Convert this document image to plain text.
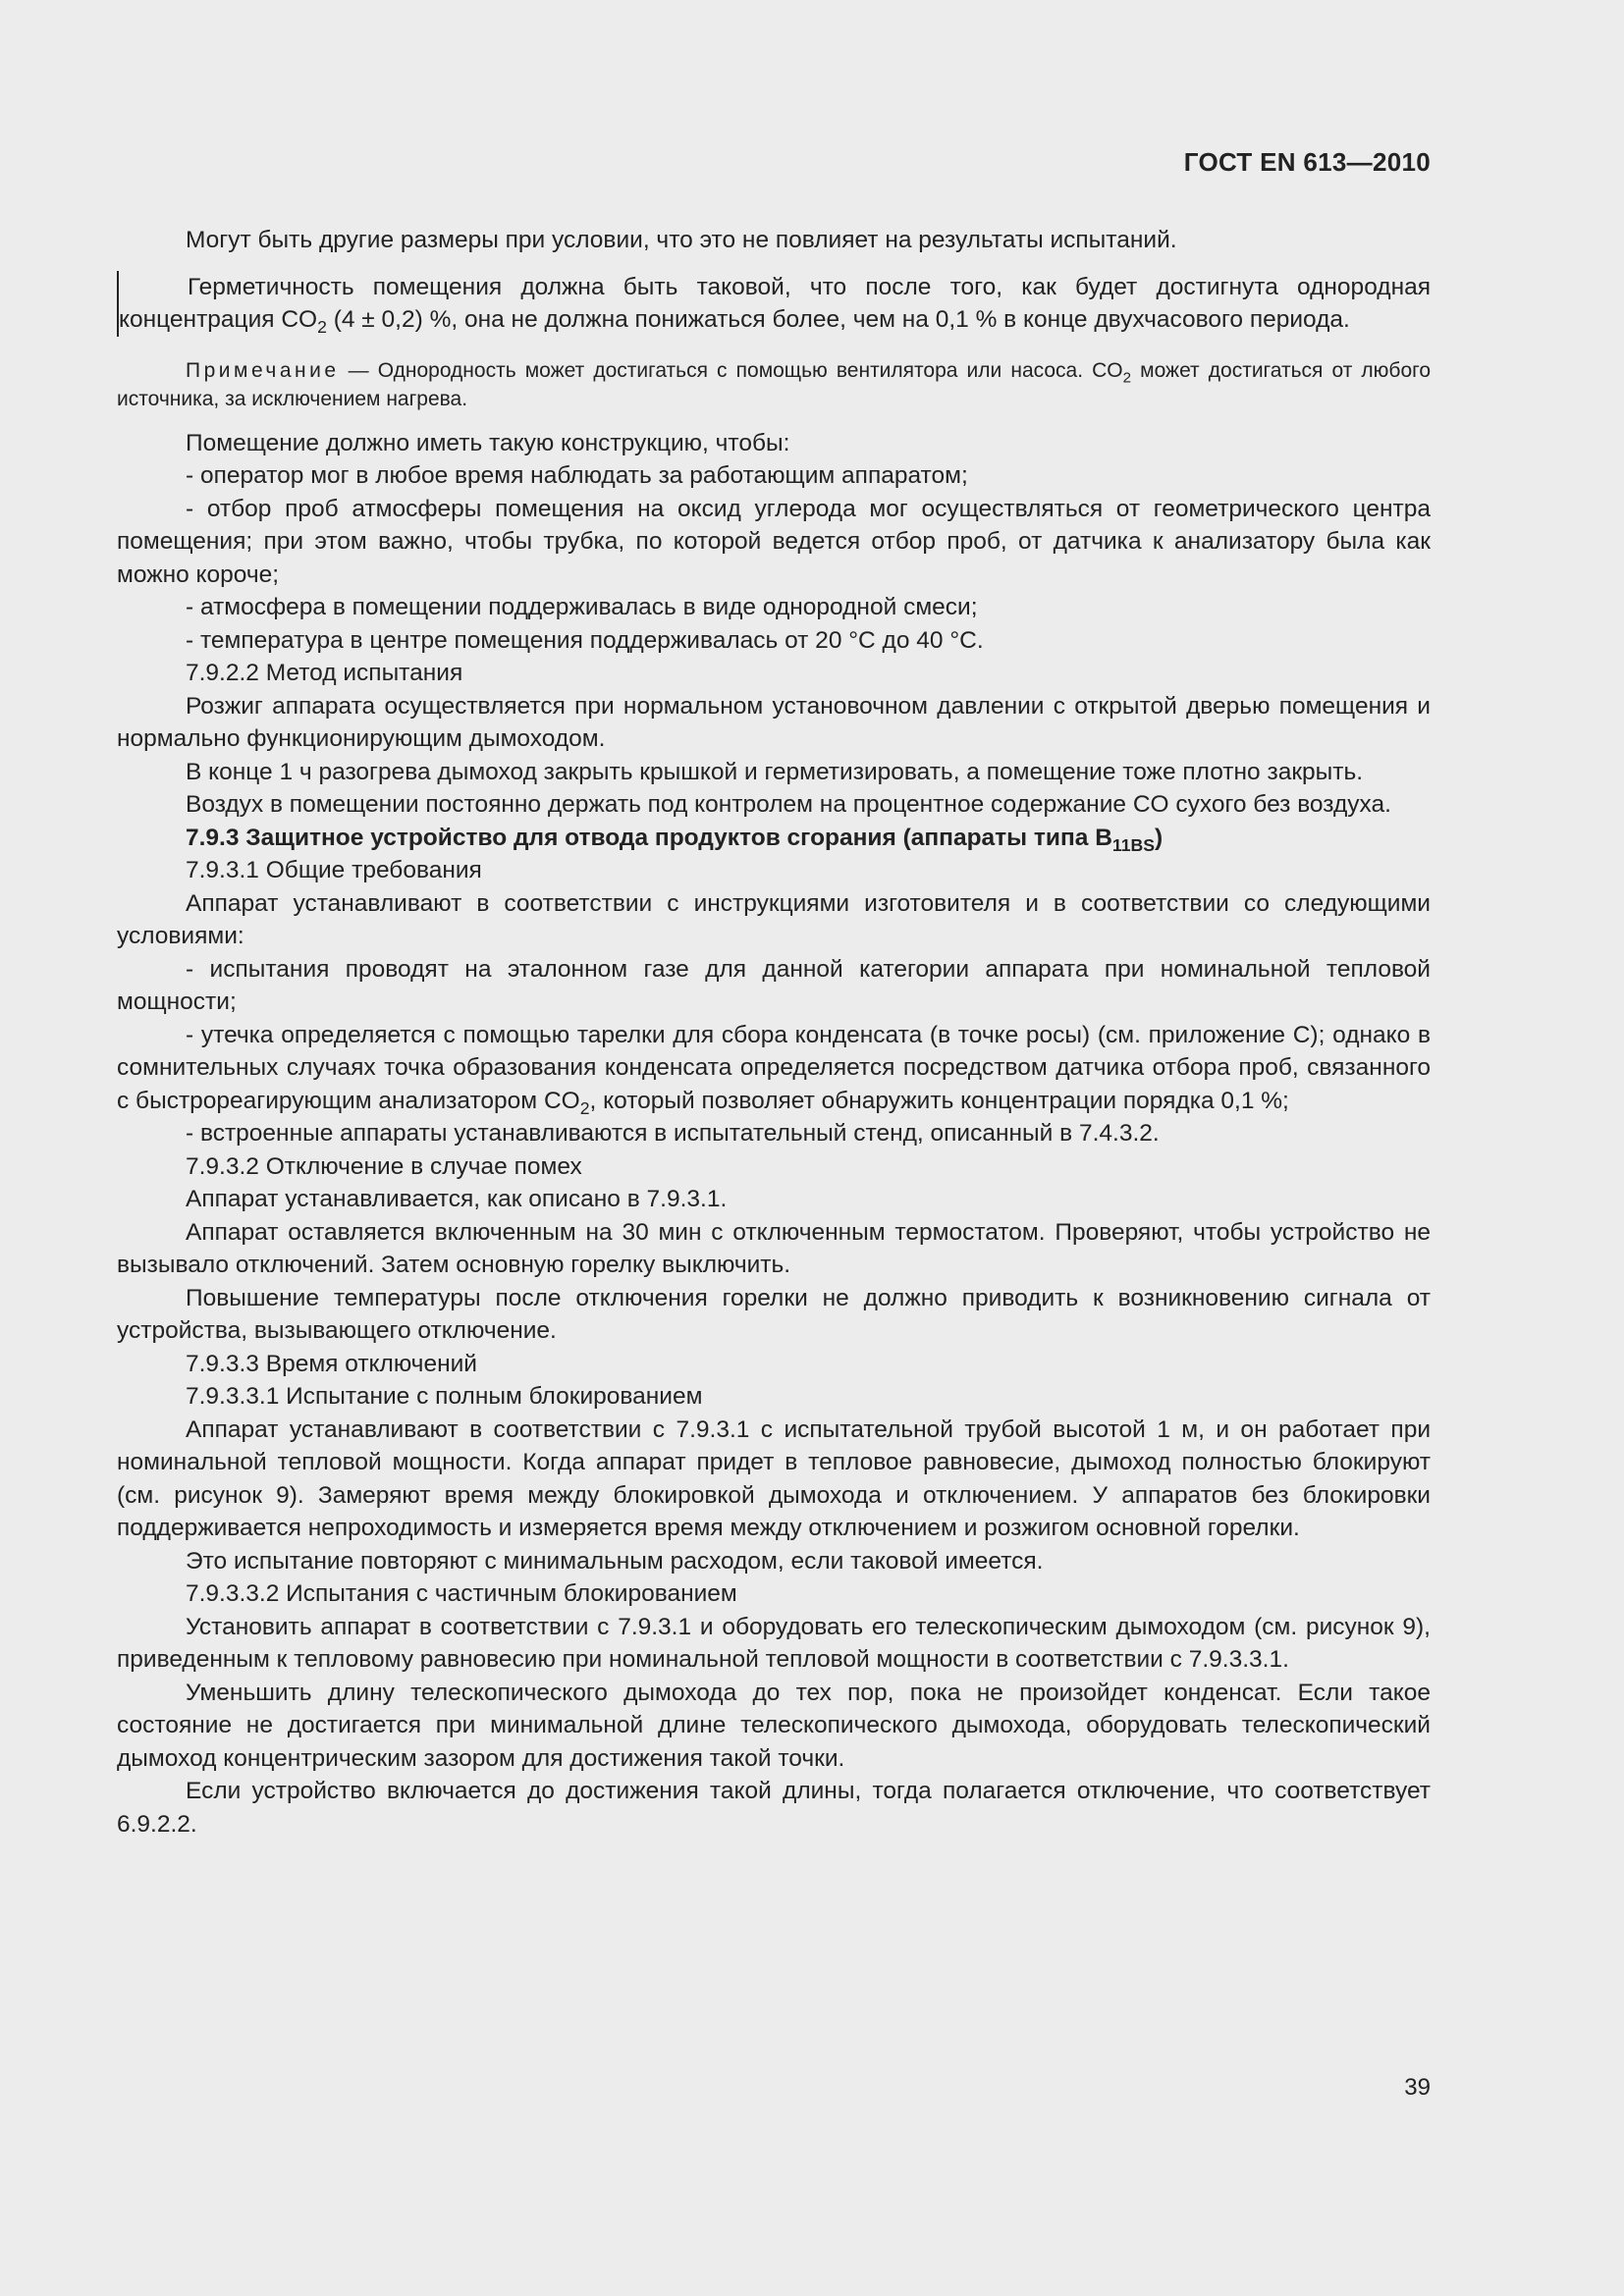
ГОСТ EN 613—2010

Могут быть другие размеры при условии, что это не повлияет на результаты испытаний.

Герметичность помещения должна быть таковой, что после того, как будет достигнута однородная концентрация $CO_2$ (4 ± 0,2) %, она не должна понижаться более, чем на 0,1 % в конце двухчасового периода.

Примечание — Однородность может достигаться с помощью вентилятора или насоса. $CO_2$ может достигаться от любого источника, за исключением нагрева.

Помещение должно иметь такую конструкцию, чтобы:

- оператор мог в любое время наблюдать за работающим аппаратом;

- отбор проб атмосферы помещения на оксид углерода мог осуществляться от геометрического центра помещения; при этом важно, чтобы трубка, по которой ведется отбор проб, от датчика к анализатору была как можно короче;

- атмосфера в помещении поддерживалась в виде однородной смеси;

- температура в центре помещения поддерживалась от 20 °С до 40 °С.

7.9.2.2 Метод испытания

Розжиг аппарата осуществляется при нормальном установочном давлении с открытой дверью помещения и нормально функционирующим дымоходом.

В конце 1 ч разогрева дымоход закрыть крышкой и герметизировать, а помещение тоже плотно закрыть.

Воздух в помещении постоянно держать под контролем на процентное содержание CO сухого без воздуха.

7.9.3 Защитное устройство для отвода продуктов сгорания (аппараты типа $B_{11BS}$)

7.9.3.1 Общие требования

Аппарат устанавливают в соответствии с инструкциями изготовителя и в соответствии со следующими условиями:

- испытания проводят на эталонном газе для данной категории аппарата при номинальной тепловой мощности;

- утечка определяется с помощью тарелки для сбора конденсата (в точке росы) (см. приложение С); однако в сомнительных случаях точка образования конденсата определяется посредством датчика отбора проб, связанного с быстрореагирующим анализатором $CO_2$, который позволяет обнаружить концентрации порядка 0,1 %;

- встроенные аппараты устанавливаются в испытательный стенд, описанный в 7.4.3.2.

7.9.3.2 Отключение в случае помех

Аппарат устанавливается, как описано в 7.9.3.1.

Аппарат оставляется включенным на 30 мин с отключенным термостатом. Проверяют, чтобы устройство не вызывало отключений. Затем основную горелку выключить.

Повышение температуры после отключения горелки не должно приводить к возникновению сигнала от устройства, вызывающего отключение.

7.9.3.3 Время отключений

7.9.3.3.1 Испытание с полным блокированием

Аппарат устанавливают в соответствии с 7.9.3.1 с испытательной трубой высотой 1 м, и он работает при номинальной тепловой мощности. Когда аппарат придет в тепловое равновесие, дымоход полностью блокируют (см. рисунок 9). Замеряют время между блокировкой дымохода и отключением. У аппаратов без блокировки поддерживается непроходимость и измеряется время между отключением и розжигом основной горелки.

Это испытание повторяют с минимальным расходом, если таковой имеется.

7.9.3.3.2 Испытания с частичным блокированием

Установить аппарат в соответствии с 7.9.3.1 и оборудовать его телескопическим дымоходом (см. рисунок 9), приведенным к тепловому равновесию при номинальной тепловой мощности в соответствии с 7.9.3.3.1.

Уменьшить длину телескопического дымохода до тех пор, пока не произойдет конденсат. Если такое состояние не достигается при минимальной длине телескопического дымохода, оборудовать телескопический дымоход концентрическим зазором для достижения такой точки.

Если устройство включается до достижения такой длины, тогда полагается отключение, что соответствует 6.9.2.2.

39
